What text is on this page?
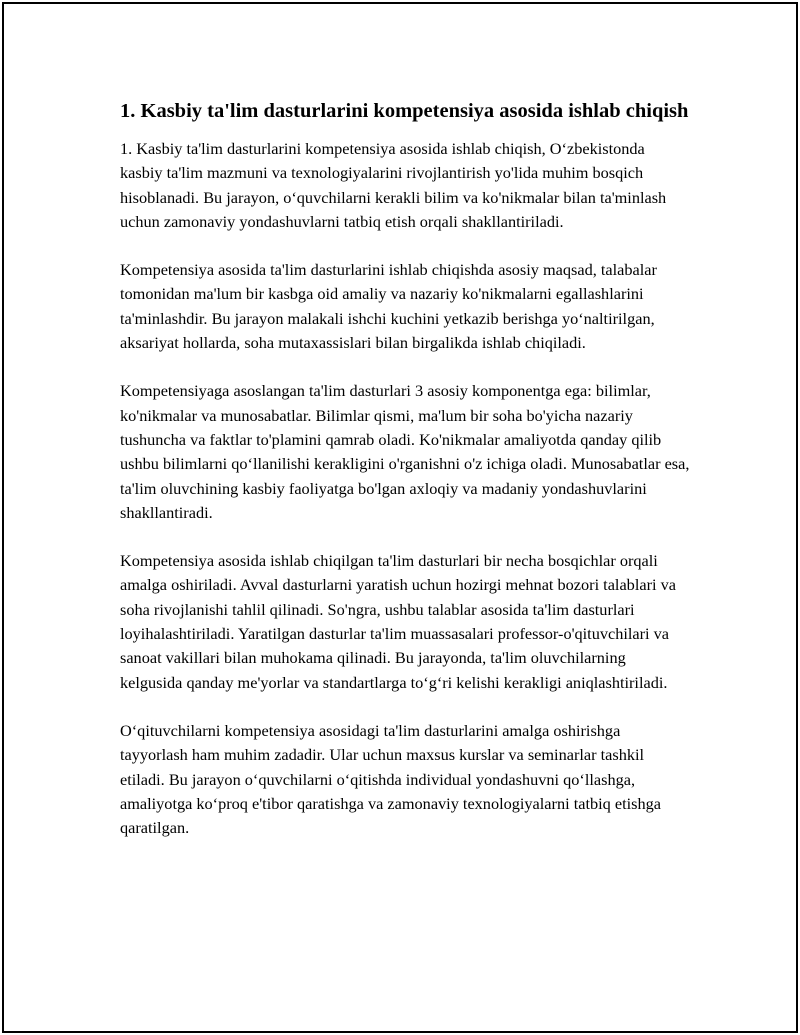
1. Kasbiy ta'lim dasturlarini kompetensiya asosida ishlab chiqish

1. Kasbiy ta'lim dasturlarini kompetensiya asosida ishlab chiqish, O‘zbekistonda kasbiy ta'lim mazmuni va texnologiyalarini rivojlantirish yo'lida muhim bosqich hisoblanadi. Bu jarayon, o‘quvchilarni kerakli bilim va ko'nikmalar bilan ta'minlash uchun zamonaviy yondashuvlarni tatbiq etish orqali shakllantiriladi.

Kompetensiya asosida ta'lim dasturlarini ishlab chiqishda asosiy maqsad, talabalar tomonidan ma'lum bir kasbga oid amaliy va nazariy ko'nikmalarni egallashlarini ta'minlashdir. Bu jarayon malakali ishchi kuchini yetkazib berishga yo‘naltirilgan, aksariyat hollarda, soha mutaxassislari bilan birgalikda ishlab chiqiladi.

Kompetensiyaga asoslangan ta'lim dasturlari 3 asosiy komponentga ega: bilimlar, ko'nikmalar va munosabatlar. Bilimlar qismi, ma'lum bir soha bo'yicha nazariy tushuncha va faktlar to'plamini qamrab oladi. Ko'nikmalar amaliyotda qanday qilib ushbu bilimlarni qo‘llanilishi kerakligini o'rganishni o'z ichiga oladi. Munosabatlar esa, ta'lim oluvchining kasbiy faoliyatga bo'lgan axloqiy va madaniy yondashuvlarini shakllantiradi.

Kompetensiya asosida ishlab chiqilgan ta'lim dasturlari bir necha bosqichlar orqali amalga oshiriladi. Avval dasturlarni yaratish uchun hozirgi mehnat bozori talablari va soha rivojlanishi tahlil qilinadi. So'ngra, ushbu talablar asosida ta'lim dasturlari loyihalashtiriladi. Yaratilgan dasturlar ta'lim muassasalari professor-o'qituvchilari va sanoat vakillari bilan muhokama qilinadi. Bu jarayonda, ta'lim oluvchilarning kelgusida qanday me'yorlar va standartlarga to‘g‘ri kelishi kerakligi aniqlashtiriladi.

O‘qituvchilarni kompetensiya asosidagi ta'lim dasturlarini amalga oshirishga tayyorlash ham muhim zadadir. Ular uchun maxsus kurslar va seminarlar tashkil etiladi. Bu jarayon o‘quvchilarni o‘qitishda individual yondashuvni qo‘llashga, amaliyotga ko‘proq e'tibor qaratishga va zamonaviy texnologiyalarni tatbiq etishga qaratilgan.
